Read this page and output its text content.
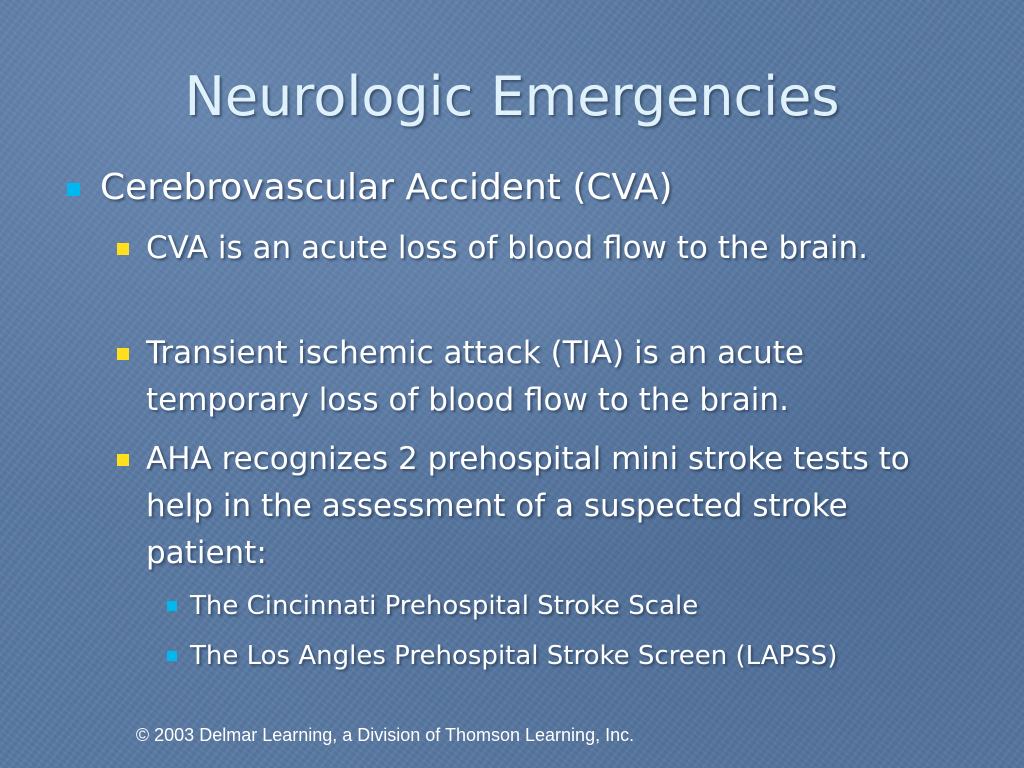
Neurologic Emergencies
Cerebrovascular Accident (CVA)
CVA is an acute loss of blood flow to the brain.
Transient ischemic attack (TIA) is an acute temporary loss of blood flow to the brain.
AHA recognizes 2 prehospital mini stroke tests to help in the assessment of a suspected stroke patient:
The Cincinnati Prehospital Stroke Scale
The Los Angles Prehospital Stroke Screen (LAPSS)
© 2003 Delmar Learning, a Division of Thomson Learning, Inc.
